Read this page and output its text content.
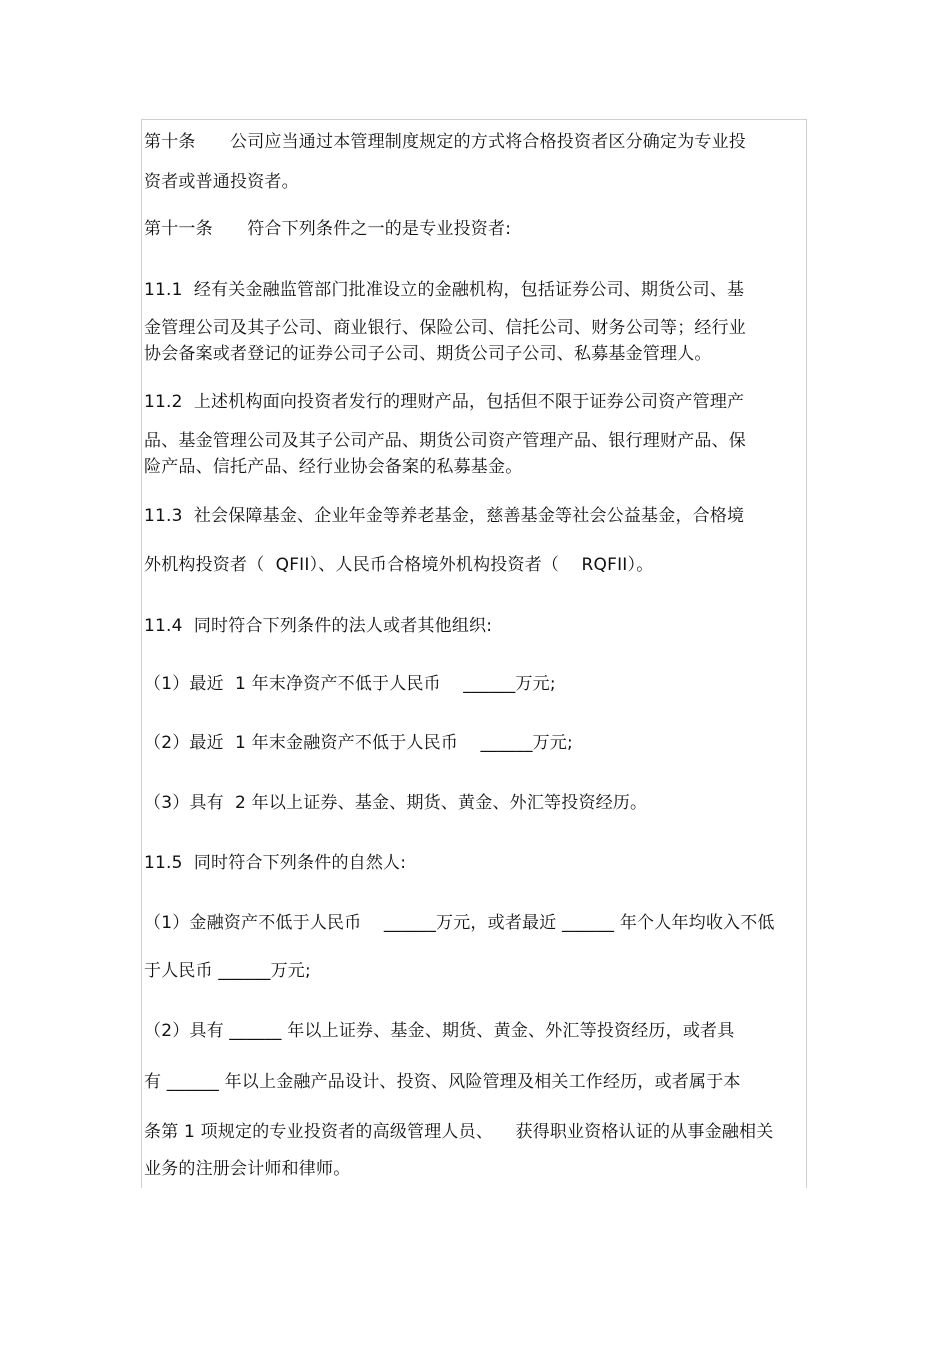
第十条　　公司应当通过本管理制度规定的方式将合格投资者区分确定为专业投
资者或普通投资者。
第十一条　　符合下列条件之一的是专业投资者:
11.1  经有关金融监管部门批准设立的金融机构，包括证券公司、期货公司、基
金管理公司及其子公司、商业银行、保险公司、信托公司、财务公司等；经行业
协会备案或者登记的证券公司子公司、期货公司子公司、私募基金管理人。
11.2  上述机构面向投资者发行的理财产品，包括但不限于证券公司资产管理产
品、基金管理公司及其子公司产品、期货公司资产管理产品、银行理财产品、保
险产品、信托产品、经行业协会备案的私募基金。
11.3  社会保障基金、企业年金等养老基金，慈善基金等社会公益基金，合格境
外机构投资者（  QFII）、人民币合格境外机构投资者（    RQFII）。
11.4  同时符合下列条件的法人或者其他组织:
（1）最近  1 年末净资产不低于人民币    ______万元;
（2）最近  1 年末金融资产不低于人民币    ______万元;
（3）具有  2 年以上证券、基金、期货、黄金、外汇等投资经历。
11.5  同时符合下列条件的自然人:
（1）金融资产不低于人民币    ______万元，或者最近 ______ 年个人年均收入不低
于人民币 ______万元;
（2）具有 ______ 年以上证券、基金、期货、黄金、外汇等投资经历，或者具
有 ______ 年以上金融产品设计、投资、风险管理及相关工作经历，或者属于本
条第 1 项规定的专业投资者的高级管理人员、    获得职业资格认证的从事金融相关
业务的注册会计师和律师。
